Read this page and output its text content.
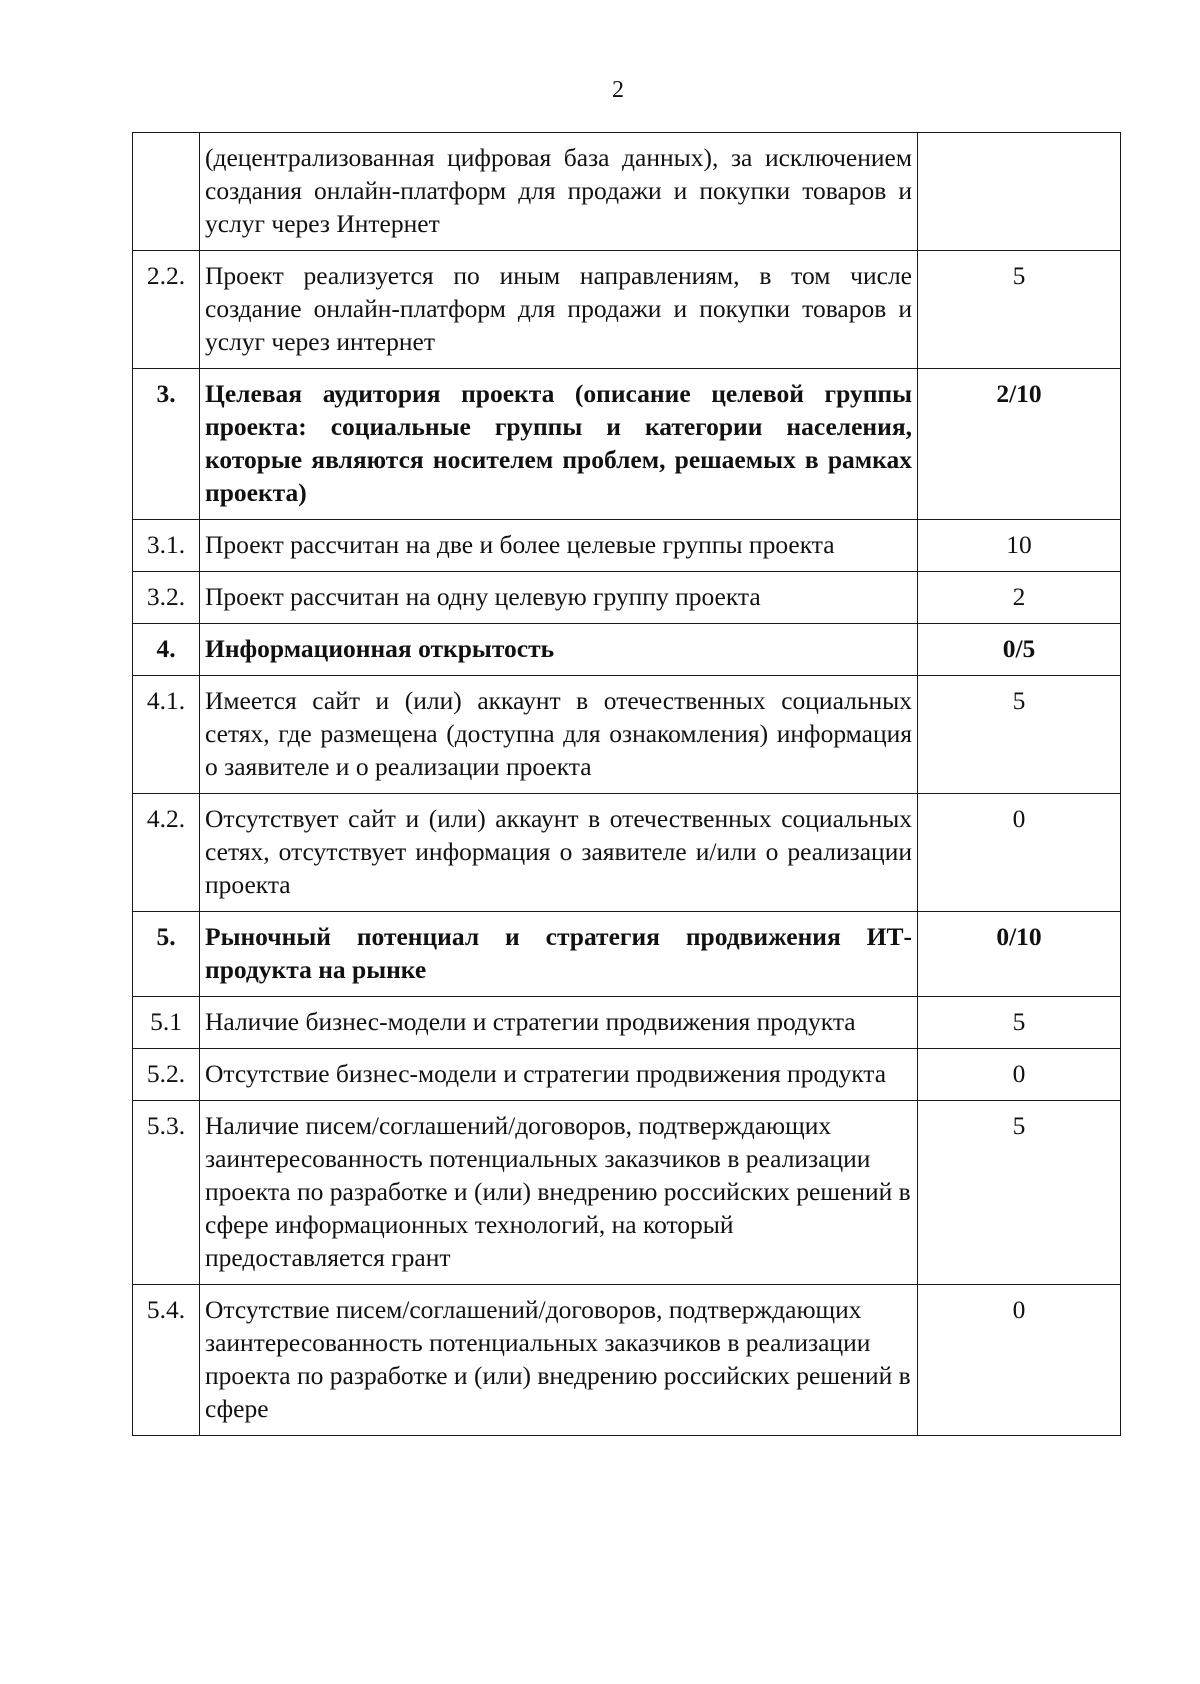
2
	(децентрализованная цифровая база данных), за исключением создания онлайн-платформ для продажи и покупки товаров и услуг через Интернет	
2.2.	Проект реализуется по иным направлениям, в том числе создание онлайн-платформ для продажи и покупки товаров и услуг через интернет	5
3.	Целевая аудитория проекта (описание целевой группы проекта: социальные группы и категории населения, которые являются носителем проблем, решаемых в рамках проекта)	2/10
3.1.	Проект рассчитан на две и более целевые группы проекта	10
3.2.	Проект рассчитан на одну целевую группу проекта	2
4.	Информационная открытость	0/5
4.1.	Имеется сайт и (или) аккаунт в отечественных социальных сетях, где размещена (доступна для ознакомления) информация о заявителе и о реализации проекта	5
4.2.	Отсутствует сайт и (или) аккаунт в отечественных социальных сетях, отсутствует информация о заявителе и/или о реализации проекта	0
5.	Рыночный потенциал и стратегия продвижения ИТ-продукта на рынке	0/10
5.1	Наличие бизнес-модели и стратегии продвижения продукта	5
5.2.	Отсутствие бизнес-модели и стратегии продвижения продукта	0
5.3.	Наличие писем/соглашений/договоров, подтверждающих заинтересованность потенциальных заказчиков в реализации проекта по разработке и (или) внедрению российских решений в сфере информационных технологий, на который предоставляется грант	5
5.4.	Отсутствие писем/соглашений/договоров, подтверждающих заинтересованность потенциальных заказчиков в реализации проекта по разработке и (или) внедрению российских решений в сфере	0
